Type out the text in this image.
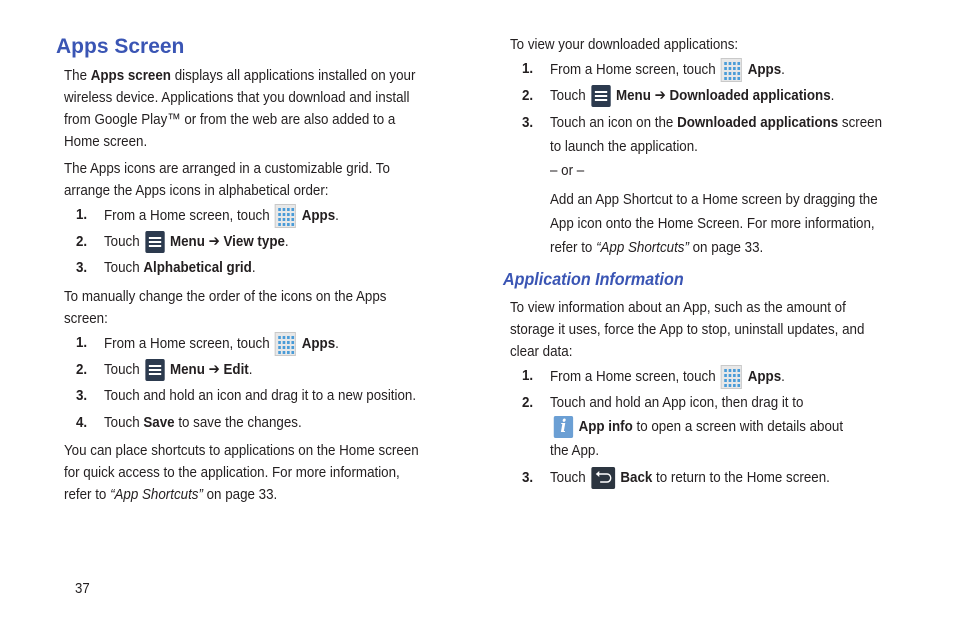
Apps Screen
The Apps screen displays all applications installed on your
wireless device. Applications that you download and install
from Google Play™ or from the web are also added to a
Home screen.
The Apps icons are arranged in a customizable grid. To
arrange the Apps icons in alphabetical order:
1. From a Home screen, touch
Apps.
2. Touch
Menu ➔ View type.
3. Touch Alphabetical grid.
To manually change the order of the icons on the Apps
screen:
1. From a Home screen, touch
Apps.
2. Touch
Menu ➔ Edit.
3. Touch and hold an icon and drag it to a new position.
4. Touch Save to save the changes.
You can place shortcuts to applications on the Home screen
for quick access to the application. For more information,
refer to “App Shortcuts” on page 33.
To view your downloaded applications:
1. From a Home screen, touch
Apps.
2. Touch
Menu ➔ Downloaded applications.
3. Touch an icon on the Downloaded applications screen
to launch the application.
– or –
Add an App Shortcut to a Home screen by dragging the
App icon onto the Home Screen. For more information,
refer to “App Shortcuts” on page 33.
Application Information
To view information about an App, such as the amount of
storage it uses, force the App to stop, uninstall updates, and
clear data:
1. From a Home screen, touch
Apps.
2. Touch and hold an App icon, then drag it to
i App info to open a screen with details about
the App.
3. Touch  Back to return to the Home screen.
37
